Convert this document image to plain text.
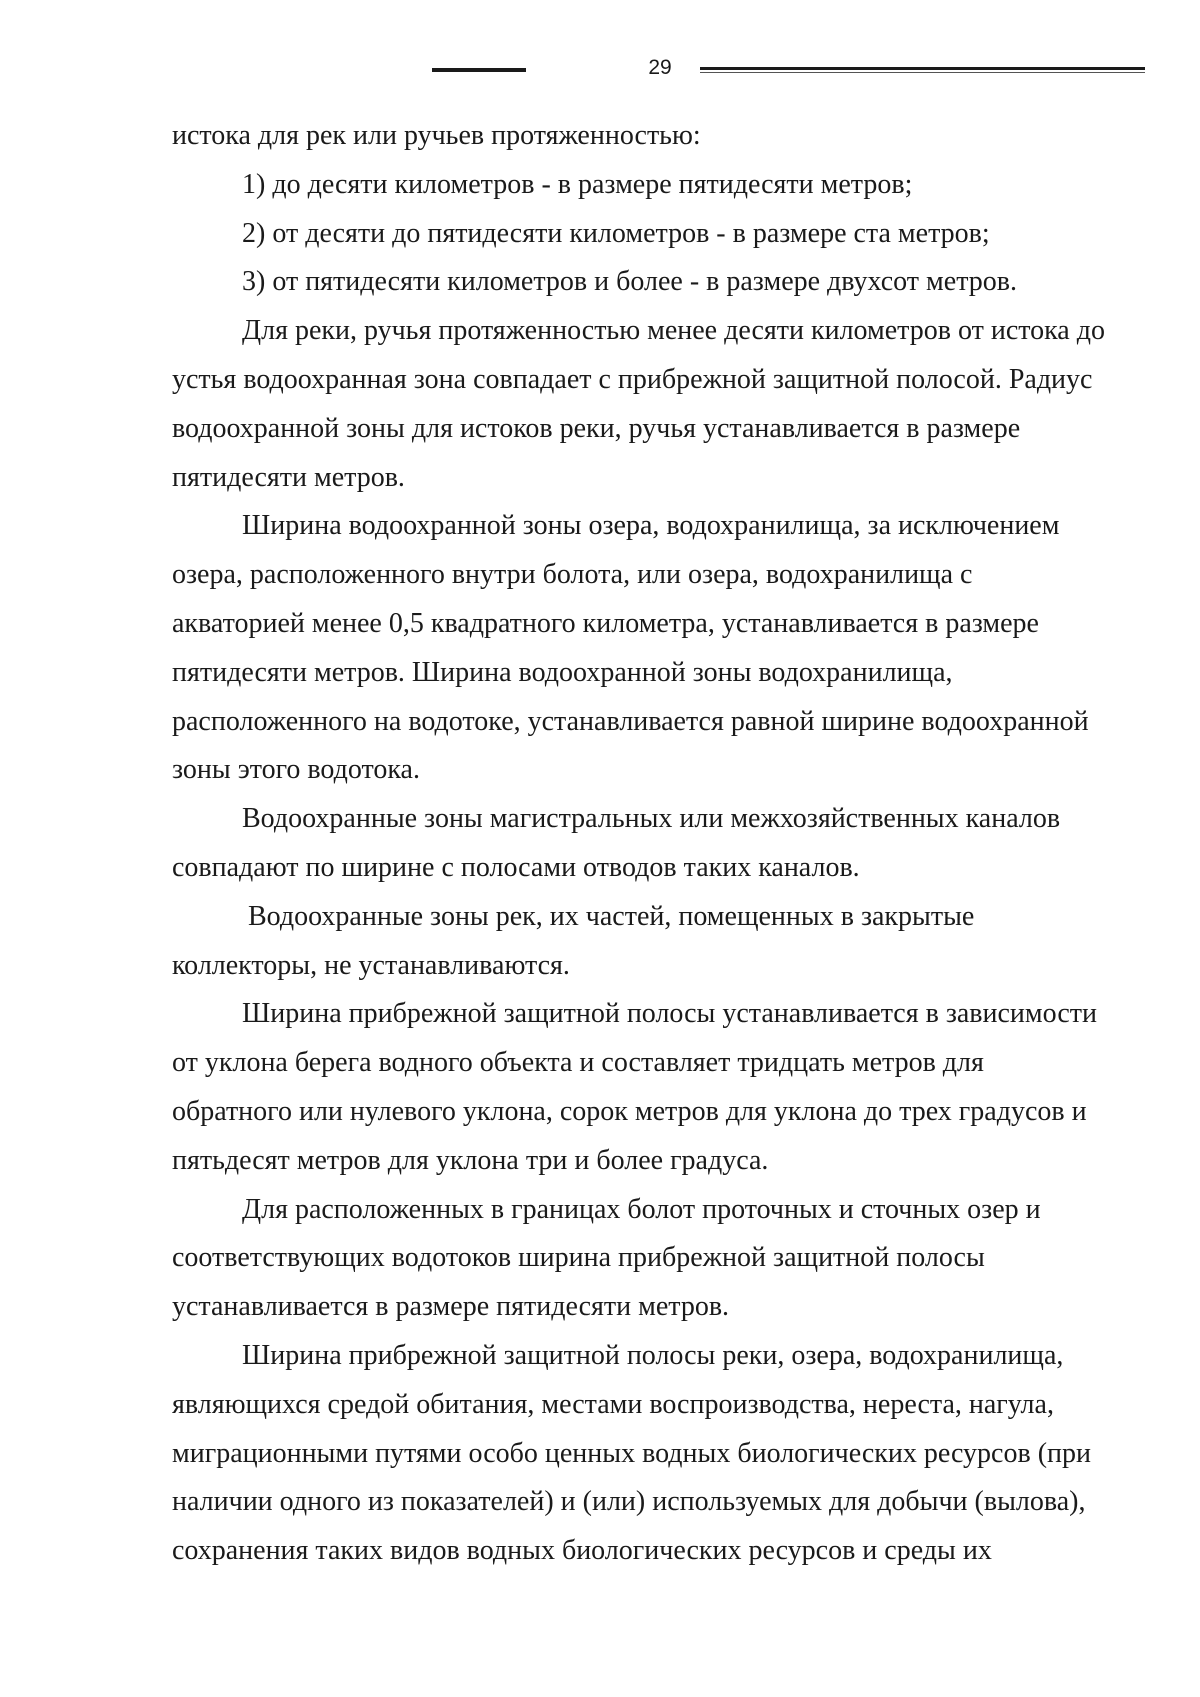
29

истока для рек или ручьев протяженностью:

1) до десяти километров - в размере пятидесяти метров;

2) от десяти до пятидесяти километров - в размере ста метров;

3) от пятидесяти километров и более - в размере двухсот метров.

Для реки, ручья протяженностью менее десяти километров от истока до

устья водоохранная зона совпадает с прибрежной защитной полосой. Радиус

водоохранной зоны для истоков реки, ручья устанавливается в размере

пятидесяти метров.

Ширина водоохранной зоны озера, водохранилища, за исключением

озера, расположенного внутри болота, или озера, водохранилища с

акваторией менее 0,5 квадратного километра, устанавливается в размере

пятидесяти метров. Ширина водоохранной зоны водохранилища,

расположенного на водотоке, устанавливается равной ширине водоохранной

зоны этого водотока.

Водоохранные зоны магистральных или межхозяйственных каналов

совпадают по ширине с полосами отводов таких каналов.

Водоохранные зоны рек, их частей, помещенных в закрытые

коллекторы, не устанавливаются.

Ширина прибрежной защитной полосы устанавливается в зависимости

от уклона берега водного объекта и составляет тридцать метров для

обратного или нулевого уклона, сорок метров для уклона до трех градусов и

пятьдесят метров для уклона три и более градуса.

Для расположенных в границах болот проточных и сточных озер и

соответствующих водотоков ширина прибрежной защитной полосы

устанавливается в размере пятидесяти метров.

Ширина прибрежной защитной полосы реки, озера, водохранилища,

являющихся средой обитания, местами воспроизводства, нереста, нагула,

миграционными путями особо ценных водных биологических ресурсов (при

наличии одного из показателей) и (или) используемых для добычи (вылова),

сохранения таких видов водных биологических ресурсов и среды их
